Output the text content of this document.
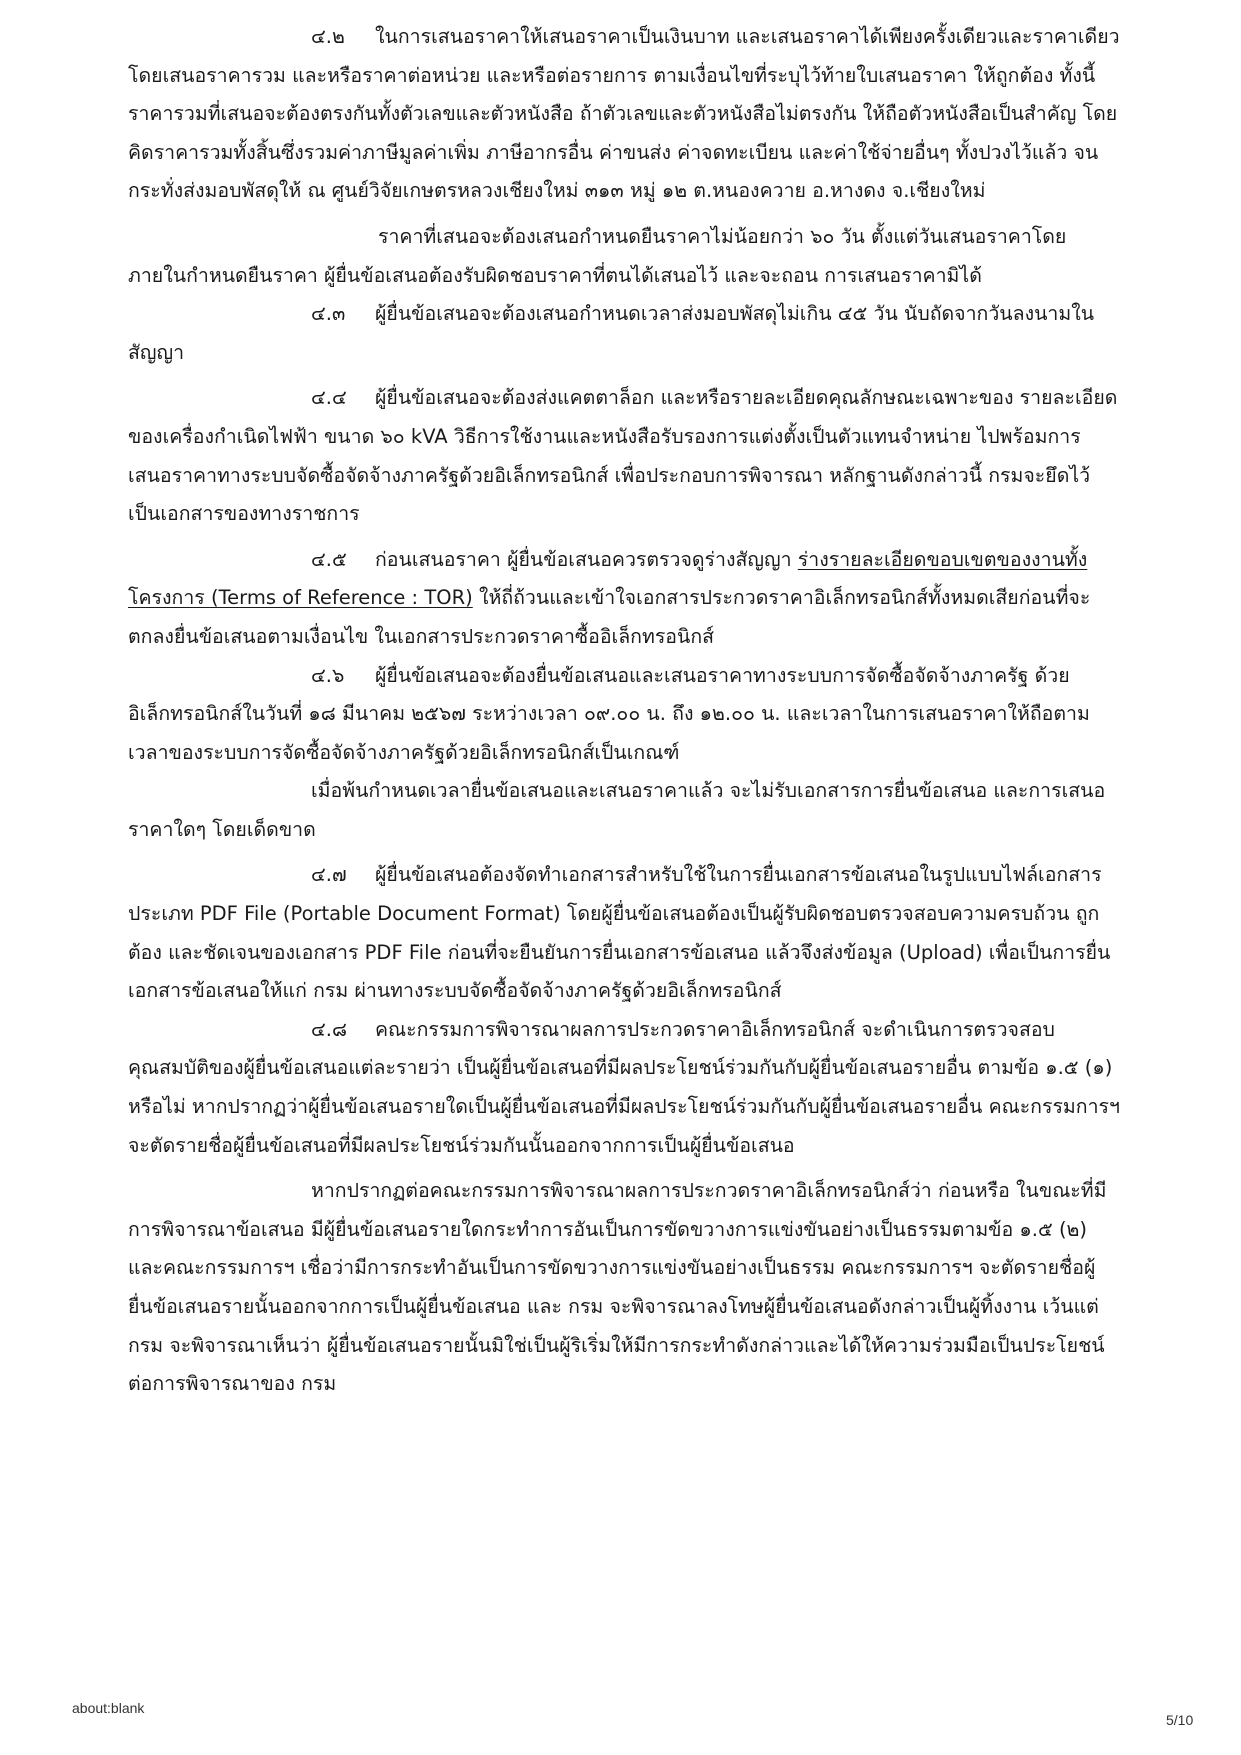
๔.๒ ในการเสนอราคาให้เสนอราคาเป็นเงินบาท และเสนอราคาได้เพียงครั้งเดียวและราคาเดียว โดยเสนอราคารวม และหรือราคาต่อหน่วย และหรือต่อรายการ ตามเงื่อนไขที่ระบุไว้ท้ายใบเสนอราคา ให้ถูกต้อง ทั้งนี้ ราคารวมที่เสนอจะต้องตรงกันทั้งตัวเลขและตัวหนังสือ ถ้าตัวเลขและตัวหนังสือไม่ตรงกัน ให้ถือตัวหนังสือเป็นสำคัญ โดยคิดราคารวมทั้งสิ้นซึ่งรวมค่าภาษีมูลค่าเพิ่ม ภาษีอากรอื่น ค่าขนส่ง ค่าจดทะเบียน และค่าใช้จ่ายอื่นๆ ทั้งปวงไว้แล้ว จนกระทั่งส่งมอบพัสดุให้ ณ ศูนย์วิจัยเกษตรหลวงเชียงใหม่ ๓๑๓ หมู่ ๑๒ ต.หนองควาย อ.หางดง จ.เชียงใหม่

ราคาที่เสนอจะต้องเสนอกำหนดยืนราคาไม่น้อยกว่า ๖๐ วัน ตั้งแต่วันเสนอราคาโดยภายในกำหนดยืนราคา ผู้ยื่นข้อเสนอต้องรับผิดชอบราคาที่ตนได้เสนอไว้ และจะถอน การเสนอราคามิได้

๔.๓ ผู้ยื่นข้อเสนอจะต้องเสนอกำหนดเวลาส่งมอบพัสดุไม่เกิน ๔๕ วัน นับถัดจากวันลงนามในสัญญา

๔.๔ ผู้ยื่นข้อเสนอจะต้องส่งแคตตาล็อก และหรือรายละเอียดคุณลักษณะเฉพาะของ รายละเอียดของเครื่องกำเนิดไฟฟ้า ขนาด ๖๐ kVA วิธีการใช้งานและหนังสือรับรองการแต่งตั้งเป็นตัวแทนจำหน่าย ไปพร้อมการเสนอราคาทางระบบจัดซื้อจัดจ้างภาครัฐด้วยอิเล็กทรอนิกส์ เพื่อประกอบการพิจารณา หลักฐานดังกล่าวนี้ กรมจะยึดไว้เป็นเอกสารของทางราชการ

๔.๕ ก่อนเสนอราคา ผู้ยื่นข้อเสนอควรตรวจดูร่างสัญญา ร่างรายละเอียดขอบเขตของงานทั้งโครงการ (Terms of Reference : TOR) ให้ถี่ถ้วนและเข้าใจเอกสารประกวดราคาอิเล็กทรอนิกส์ทั้งหมดเสียก่อนที่จะตกลงยื่นข้อเสนอตามเงื่อนไข ในเอกสารประกวดราคาซื้ออิเล็กทรอนิกส์

๔.๖ ผู้ยื่นข้อเสนอจะต้องยื่นข้อเสนอและเสนอราคาทางระบบการจัดซื้อจัดจ้างภาครัฐ ด้วยอิเล็กทรอนิกส์ในวันที่ ๑๘ มีนาคม ๒๕๖๗ ระหว่างเวลา ๐๙.๐๐ น. ถึง ๑๒.๐๐ น. และเวลาในการเสนอราคาให้ถือตามเวลาของระบบการจัดซื้อจัดจ้างภาครัฐด้วยอิเล็กทรอนิกส์เป็นเกณฑ์

เมื่อพ้นกำหนดเวลายื่นข้อเสนอและเสนอราคาแล้ว จะไม่รับเอกสารการยื่นข้อเสนอ และการเสนอราคาใดๆ โดยเด็ดขาด

๔.๗ ผู้ยื่นข้อเสนอต้องจัดทำเอกสารสำหรับใช้ในการยื่นเอกสารข้อเสนอในรูปแบบไฟล์เอกสารประเภท PDF File (Portable Document Format) โดยผู้ยื่นข้อเสนอต้องเป็นผู้รับผิดชอบตรวจสอบความครบถ้วน ถูกต้อง และชัดเจนของเอกสาร PDF File ก่อนที่จะยืนยันการยื่นเอกสารข้อเสนอ แล้วจึงส่งข้อมูล (Upload) เพื่อเป็นการยื่นเอกสารข้อเสนอให้แก่ กรม ผ่านทางระบบจัดซื้อจัดจ้างภาครัฐด้วยอิเล็กทรอนิกส์

๔.๘ คณะกรรมการพิจารณาผลการประกวดราคาอิเล็กทรอนิกส์ จะดำเนินการตรวจสอบคุณสมบัติของผู้ยื่นข้อเสนอแต่ละรายว่า เป็นผู้ยื่นข้อเสนอที่มีผลประโยชน์ร่วมกันกับผู้ยื่นข้อเสนอรายอื่น ตามข้อ ๑.๕ (๑) หรือไม่ หากปรากฏว่าผู้ยื่นข้อเสนอรายใดเป็นผู้ยื่นข้อเสนอที่มีผลประโยชน์ร่วมกันกับผู้ยื่นข้อเสนอรายอื่น คณะกรรมการฯ จะตัดรายชื่อผู้ยื่นข้อเสนอที่มีผลประโยชน์ร่วมกันนั้นออกจากการเป็นผู้ยื่นข้อเสนอ

หากปรากฏต่อคณะกรรมการพิจารณาผลการประกวดราคาอิเล็กทรอนิกส์ว่า ก่อนหรือ ในขณะที่มีการพิจารณาข้อเสนอ มีผู้ยื่นข้อเสนอรายใดกระทำการอันเป็นการขัดขวางการแข่งขันอย่างเป็นธรรมตามข้อ ๑.๕ (๒) และคณะกรรมการฯ เชื่อว่ามีการกระทำอันเป็นการขัดขวางการแข่งขันอย่างเป็นธรรม คณะกรรมการฯ จะตัดรายชื่อผู้ยื่นข้อเสนอรายนั้นออกจากการเป็นผู้ยื่นข้อเสนอ และ กรม จะพิจารณาลงโทษผู้ยื่นข้อเสนอดังกล่าวเป็นผู้ทิ้งงาน เว้นแต่ กรม จะพิจารณาเห็นว่า ผู้ยื่นข้อเสนอรายนั้นมิใช่เป็นผู้ริเริ่มให้มีการกระทำดังกล่าวและได้ให้ความร่วมมือเป็นประโยชน์ ต่อการพิจารณาของ กรม

about:blank
5/10
